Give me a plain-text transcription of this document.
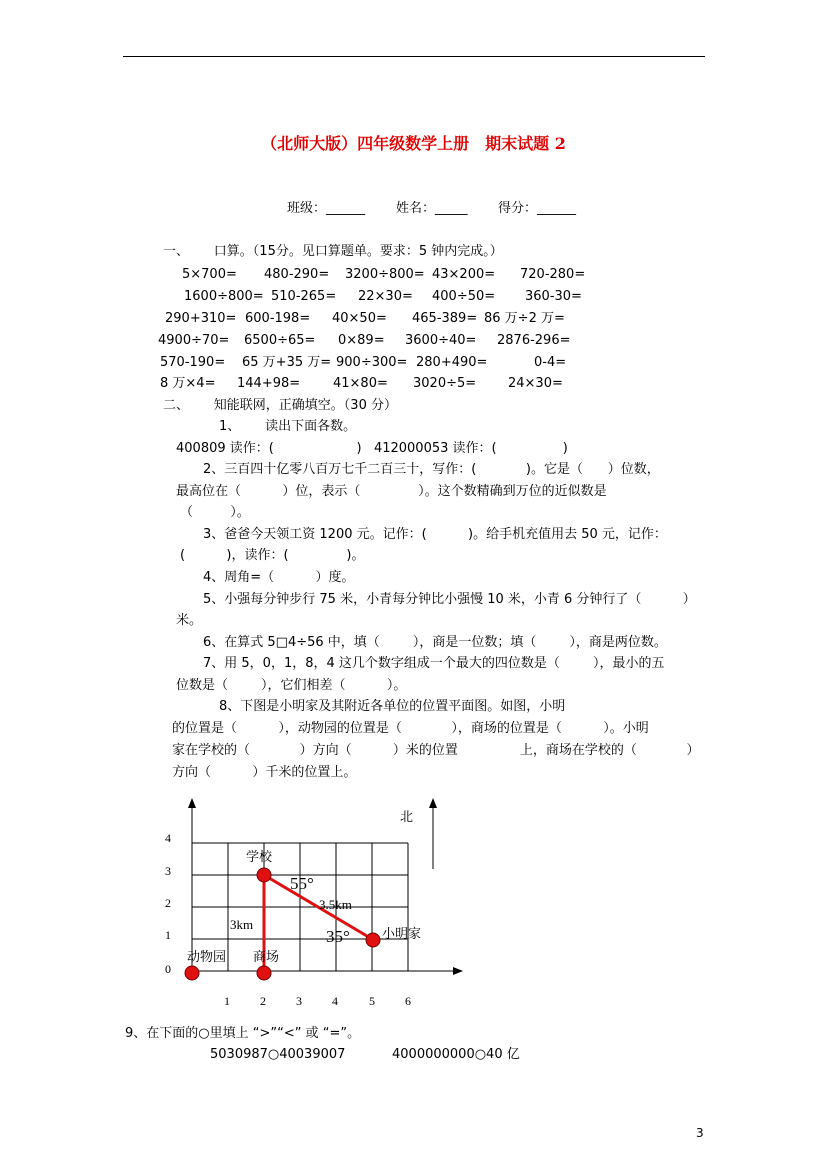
（北师大版）四年级数学上册　期末试题 2
班级：______ 姓名：_____ 得分：______
一、      口算。（15分。见口算题单。要求：5 钟内完成。）
5×700= 480-290= 3200÷800= 43×200= 720-280=
1600÷800= 510-265= 22×30= 400÷50= 360-30=
290+310= 600-198= 40×50= 465-389= 86 万÷2 万=
4900÷70= 6500÷65= 0×89= 3600÷40= 2876-296=
570-190= 65 万+35 万= 900÷300= 280+490=	0-4=
8 万×4= 144+98=	41×80= 3020÷5= 24×30=
二、      知能联网，正确填空。（30 分）
1、      读出下面各数。
400809 读作：(                    )   412000053 读作：(                )
2、三百四十亿零八百万七千二百三十，写作：(            )。它是（      ）位数，
最高位在（          ）位，表示（              ）。这个数精确到万位的近似数是
（         ）。
3、爸爸今天领工资 1200 元。记作：(          )。给手机充值用去 50 元，记作：
(          )，读作：(              )。
4、周角=（          ）度。
5、小强每分钟步行 75 米，小青每分钟比小强慢 10 米，小青 6 分钟行了（          ）
米。
6、在算式 5□4÷56 中，填（        ），商是一位数；填（        ），商是两位数。
7、用 5，0，1，8，4 这几个数字组成一个最大的四位数是（        ），最小的五
位数是（        ），它们相差（          ）。
8、下图是小明家及其附近各单位的位置平面图。如图，小明
的位置是（          ），动物园的位置是（            ），商场的位置是（          ）。小明
家在学校的（            ）方向（          ）米的位置               上，商场在学校的（            ）
方向（          ）千米的位置上。
北
4
3
2
1
0
1	2	3	4	5	6
学校
小明家
动物园 商场
55°
35°
3.5km
3km
9、在下面的○里填上 “>”“<” 或 “=”。
5030987○40039007	4000000000○40 亿
3
